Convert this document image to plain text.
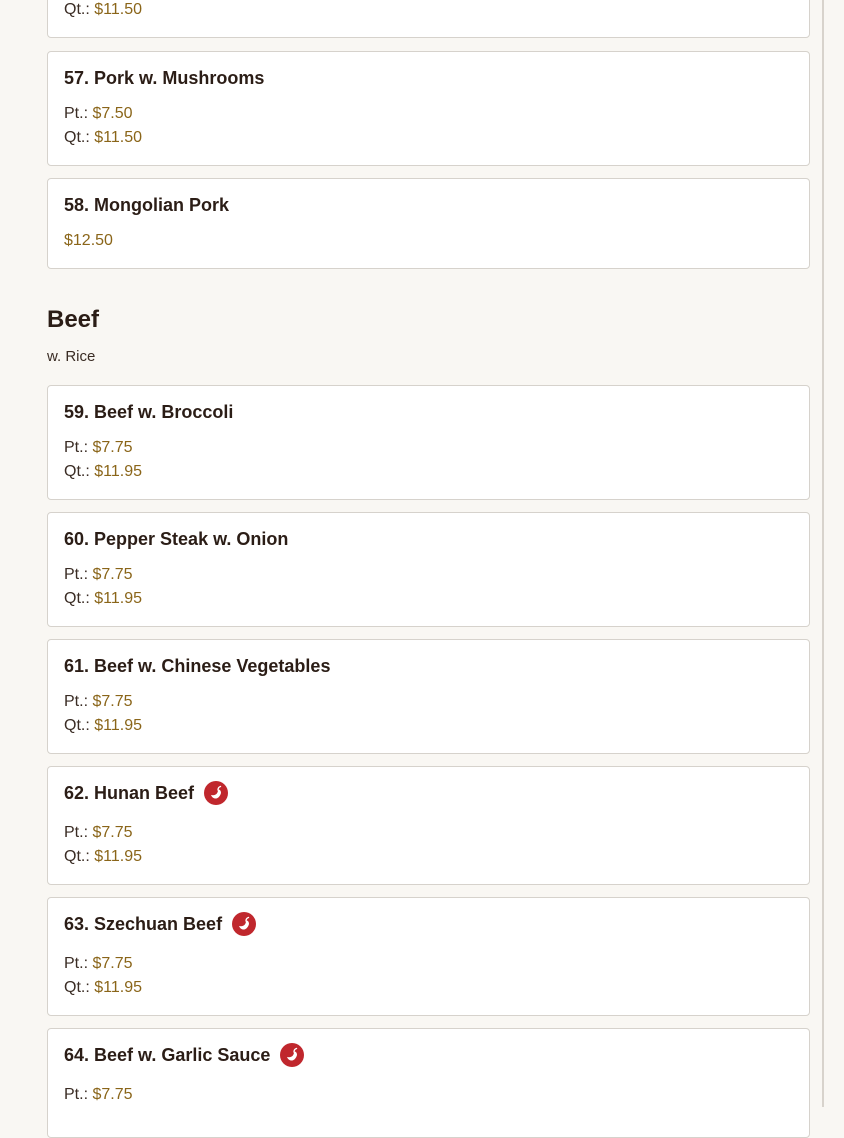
Qt.: $11.50
57. Pork w. Mushrooms
Pt.: $7.50
Qt.: $11.50
58. Mongolian Pork
$12.50
Beef
w. Rice
59. Beef w. Broccoli
Pt.: $7.75
Qt.: $11.95
60. Pepper Steak w. Onion
Pt.: $7.75
Qt.: $11.95
61. Beef w. Chinese Vegetables
Pt.: $7.75
Qt.: $11.95
62. Hunan Beef
Pt.: $7.75
Qt.: $11.95
63. Szechuan Beef
Pt.: $7.75
Qt.: $11.95
64. Beef w. Garlic Sauce
Pt.: $7.75
